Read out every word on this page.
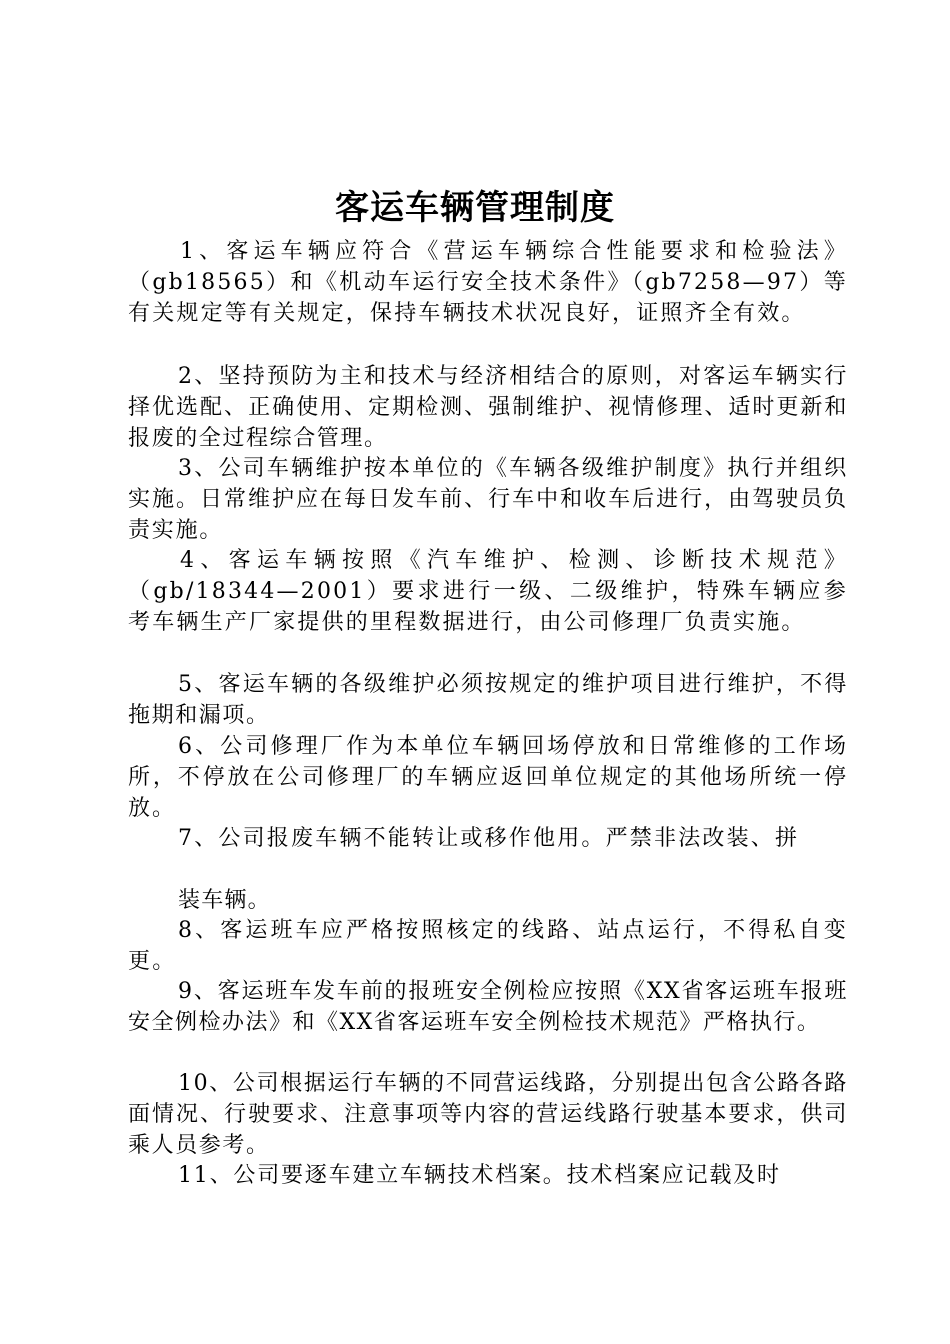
客运车辆管理制度
1、客运车辆应符合《营运车辆综合性能要求和检验法》（gb18565）和《机动车运行安全技术条件》（gb7258—97）等有关规定等有关规定，保持车辆技术状况良好，证照齐全有效。
2、坚持预防为主和技术与经济相结合的原则，对客运车辆实行择优选配、正确使用、定期检测、强制维护、视情修理、适时更新和报废的全过程综合管理。
3、公司车辆维护按本单位的《车辆各级维护制度》执行并组织实施。日常维护应在每日发车前、行车中和收车后进行，由驾驶员负责实施。
4、客运车辆按照《汽车维护、检测、诊断技术规范》（gb/18344—2001）要求进行一级、二级维护，特殊车辆应参考车辆生产厂家提供的里程数据进行，由公司修理厂负责实施。
5、客运车辆的各级维护必须按规定的维护项目进行维护，不得拖期和漏项。
6、公司修理厂作为本单位车辆回场停放和日常维修的工作场所，不停放在公司修理厂的车辆应返回单位规定的其他场所统一停放。
7、公司报废车辆不能转让或移作他用。严禁非法改装、拼
装车辆。
8、客运班车应严格按照核定的线路、站点运行，不得私自变更。
9、客运班车发车前的报班安全例检应按照《XX省客运班车报班安全例检办法》和《XX省客运班车安全例检技术规范》严格执行。
10、公司根据运行车辆的不同营运线路，分别提出包含公路各路面情况、行驶要求、注意事项等内容的营运线路行驶基本要求，供司乘人员参考。
11、公司要逐车建立车辆技术档案。技术档案应记载及时
